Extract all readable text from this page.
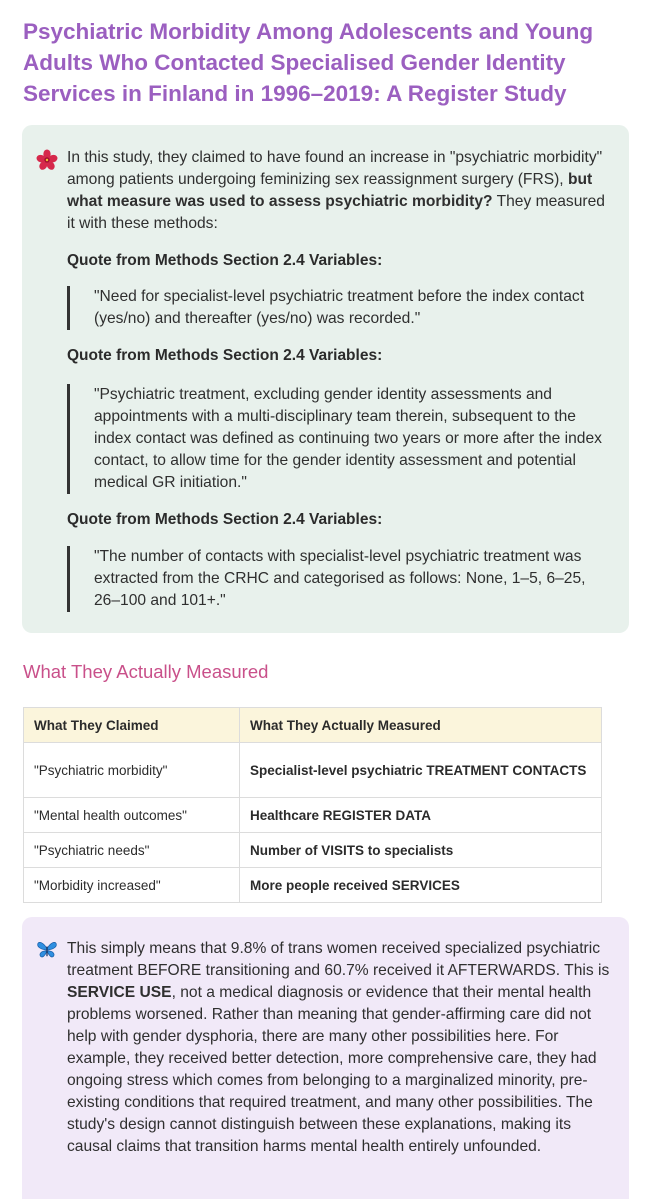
Psychiatric Morbidity Among Adolescents and Young Adults Who Contacted Specialised Gender Identity Services in Finland in 1996–2019: A Register Study

In this study, they claimed to have found an increase in "psychiatric morbidity" among patients undergoing feminizing sex reassignment surgery (FRS), but what measure was used to assess psychiatric morbidity? They measured it with these methods:

Quote from Methods Section 2.4 Variables:
"Need for specialist-level psychiatric treatment before the index contact (yes/no) and thereafter (yes/no) was recorded."
Quote from Methods Section 2.4 Variables:
"Psychiatric treatment, excluding gender identity assessments and appointments with a multi-disciplinary team therein, subsequent to the index contact was defined as continuing two years or more after the index contact, to allow time for the gender identity assessment and potential medical GR initiation."
Quote from Methods Section 2.4 Variables:
"The number of contacts with specialist-level psychiatric treatment was extracted from the CRHC and categorised as follows: None, 1–5, 6–25, 26–100 and 101+."
What They Actually Measured
What They Claimed	What They Actually Measured
"Psychiatric morbidity"	Specialist-level psychiatric TREATMENT CONTACTS
"Mental health outcomes"	Healthcare REGISTER DATA
"Psychiatric needs"	Number of VISITS to specialists
"Morbidity increased"	More people received SERVICES

This simply means that 9.8% of trans women received specialized psychiatric treatment BEFORE transitioning and 60.7% received it AFTERWARDS. This is SERVICE USE, not a medical diagnosis or evidence that their mental health problems worsened. Rather than meaning that gender-affirming care did not help with gender dysphoria, there are many other possibilities here. For example, they received better detection, more comprehensive care, they had ongoing stress which comes from belonging to a marginalized minority, pre-existing conditions that required treatment, and many other possibilities. The study's design cannot distinguish between these explanations, making its causal claims that transition harms mental health entirely unfounded.
